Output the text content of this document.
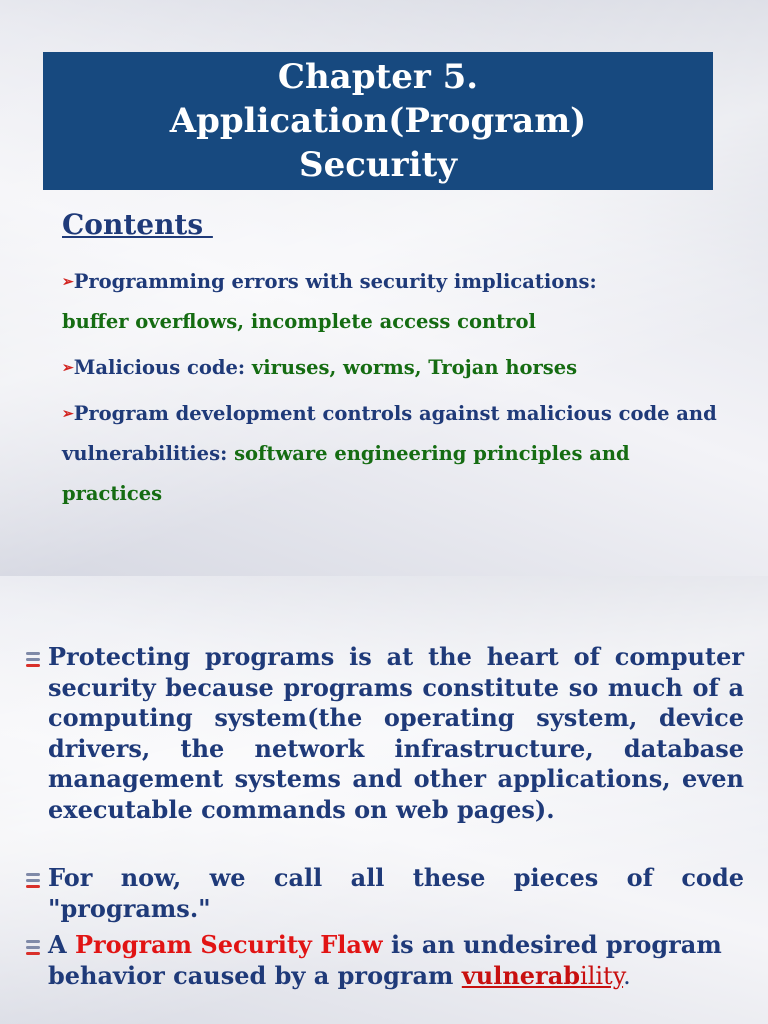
Chapter 5.
Application(Program)
Security
Contents
➢Programming errors with security implications:
buffer overflows, incomplete access control
➢Malicious code: viruses, worms, Trojan horses
➢Program development controls against malicious code and vulnerabilities: software engineering principles and practices
Protecting programs is at the heart of computer security because programs constitute so much of a computing system(the operating system, device drivers, the network infrastructure, database management systems and other applications, even executable commands on web pages).
For now, we call all these pieces of code "programs."
A Program Security Flaw is an undesired program behavior caused by a program vulnerability.
